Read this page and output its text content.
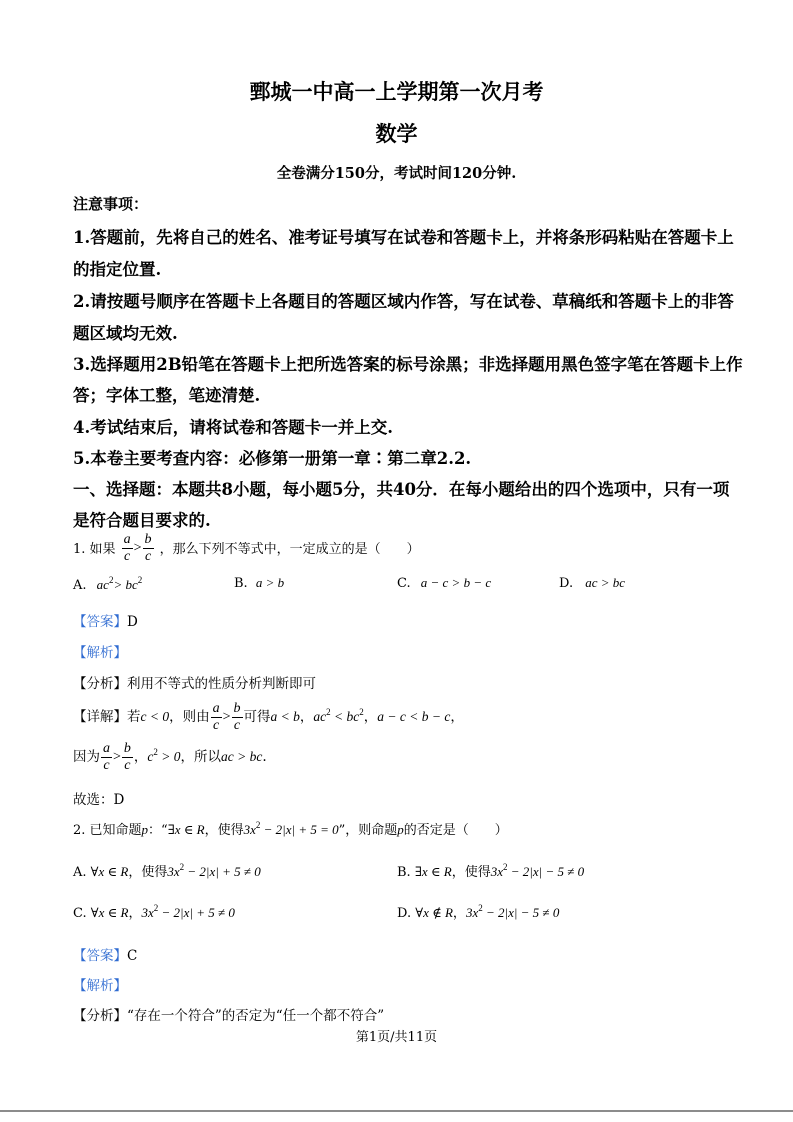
鄄城一中高一上学期第一次月考
数学
全卷满分150分，考试时间120分钟.
注意事项：
1.答题前，先将自己的姓名、准考证号填写在试卷和答题卡上，并将条形码粘贴在答题卡上
的指定位置.
2.请按题号顺序在答题卡上各题目的答题区域内作答，写在试卷、草稿纸和答题卡上的非答
题区域均无效.
3.选择题用2B铅笔在答题卡上把所选答案的标号涂黑；非选择题用黑色签字笔在答题卡上作
答；字体工整，笔迹清楚.
4.考试结束后，请将试卷和答题卡一并上交.
5.本卷主要考查内容：必修第一册第一章∶第二章2.2.
一、选择题：本题共8小题，每小题5分，共40分．在每小题给出的四个选项中，只有一项
是符合题目要求的.
1. 如果 $\frac{a}{c} > \frac{b}{c}$ ，那么下列不等式中，一定成立的是（　　）
A. $ac^2> bc^2$	B. a > b	C. a − c > b − c	D. ac > bc
【答案】D
【解析】
【分析】利用不等式的性质分析判断即可
【详解】若c < 0，则由 $\frac{a}{c} > \frac{b}{c}$ 可得a < b，$ac^2 < bc^2$，a − c < b − c，
因为 $\frac{a}{c} > \frac{b}{c}$ ，$c^2 > 0$，所以ac > bc.
故选：D
2. 已知命题p：“∃x ∈ R，使得$3x^2 - 2|x| + 5 = 0$”，则命题p的否定是（　　）
A. ∀x ∈ R，使得$3x^2 - 2|x| + 5 \ne 0$	B. ∃x ∈ R，使得$3x^2 - 2|x| - 5 \ne 0$
C. ∀x ∈ R，$3x^2 - 2|x| + 5 \ne 0$	D. ∀x ∉ R，$3x^2 - 2|x| - 5 \ne 0$
【答案】C
【解析】
【分析】“存在一个符合”的否定为“任一个都不符合”
第1页/共11页
